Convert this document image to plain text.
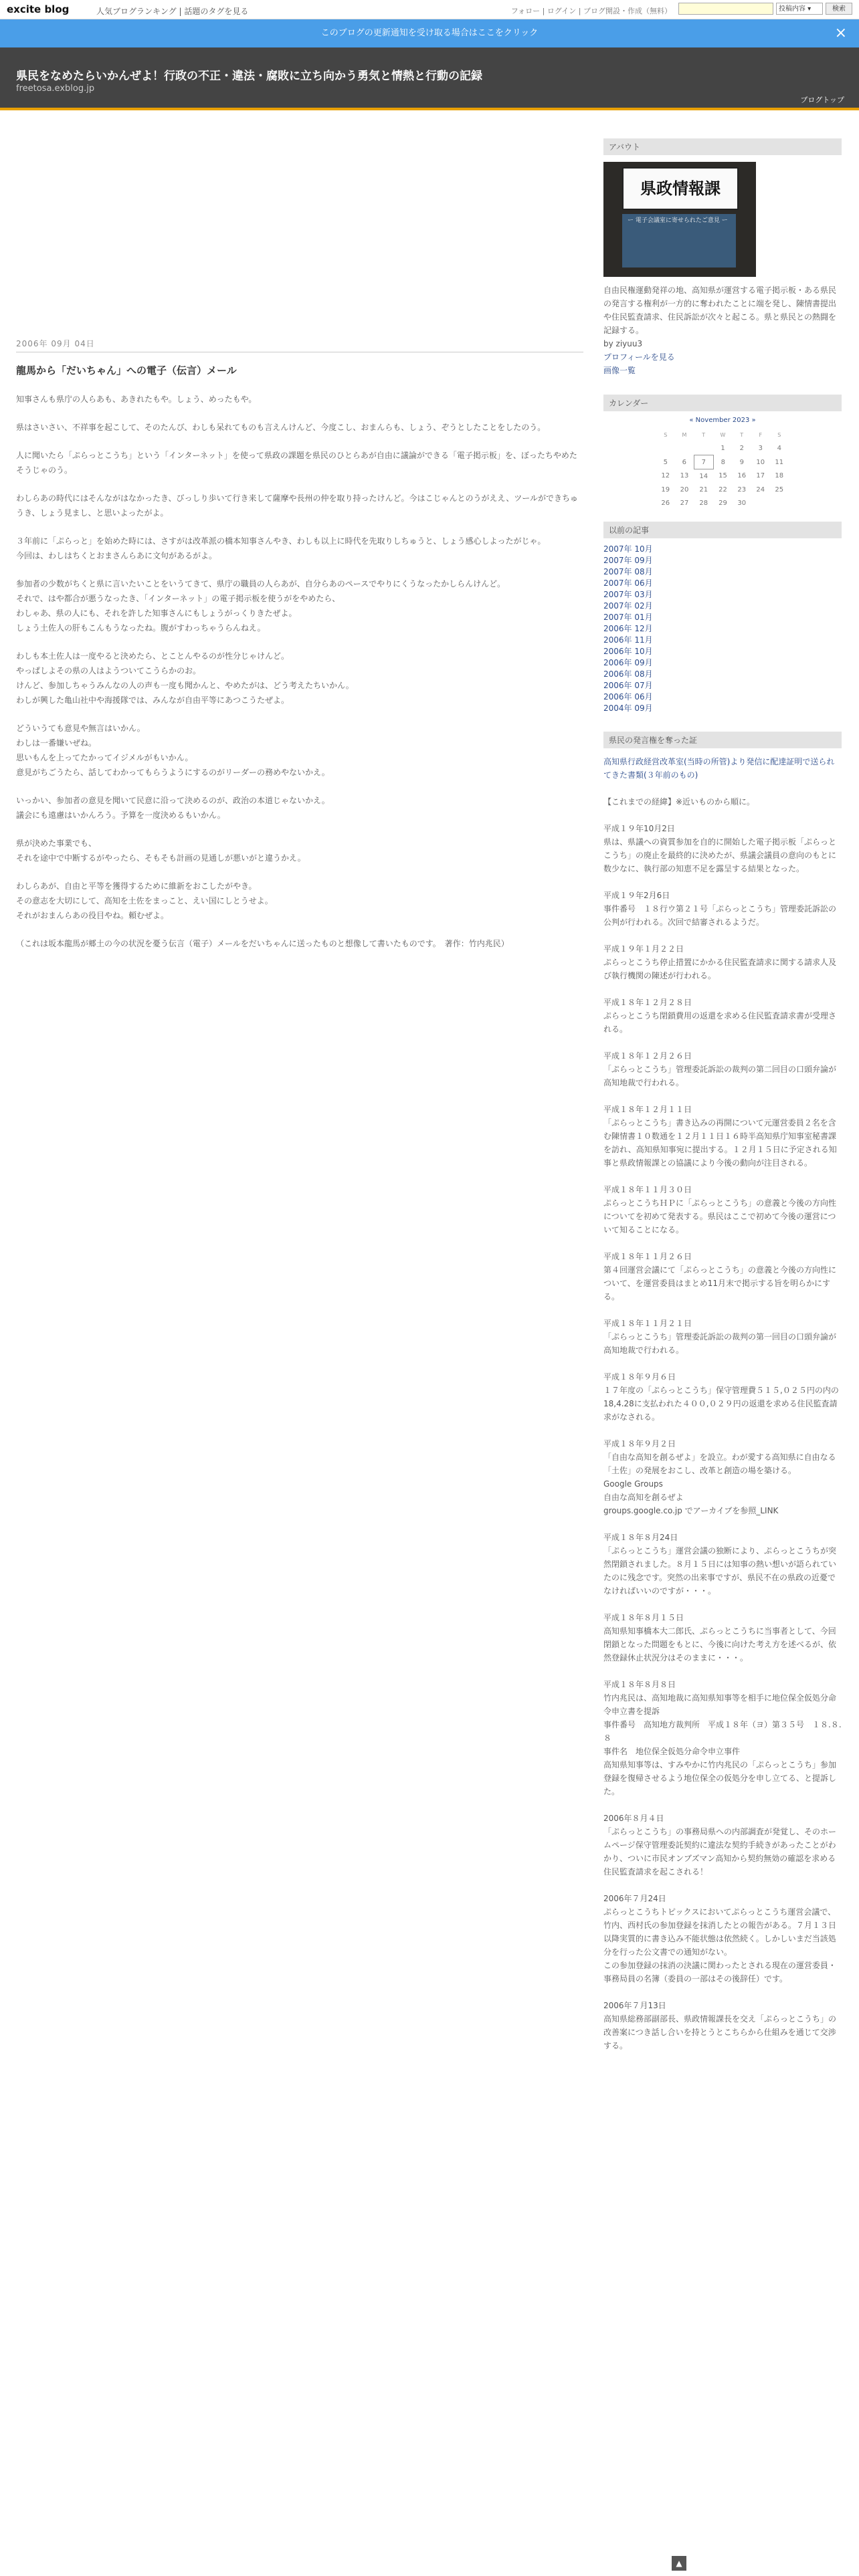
excite blog	人気ブログランキング | 話題のタグを見る	フォロー | ログイン | ブログ開設・作成（無料）	投稿内容 ▾	検索
このブログの更新通知を受け取る場合はここをクリック	×
県民をなめたらいかんぜよ！行政の不正・違法・腐敗に立ち向かう勇気と情熱と行動の記録
freetosa.exblog.jp
ブログトップ
2006年 09月 04日
龍馬から「だいちゃん」への電子（伝言）メール

知事さんも県庁の人らあも、あきれたもや。しょう、めったもや。

県はさいさい、不祥事を起こして、そのたんび、わしも呆れてものも言えんけんど、今度こし、おまんらも、しょう、ぞうとしたことをしたのう。

人に聞いたら「ぷらっとこうち」という「インターネット」を使って県政の課題を県民のひとらあが自由に議論ができる「電子掲示板」を、ぼったちやめたそうじゃのう。

わしらあの時代にはそんながはなかったき、びっしり歩いて行き来して薩摩や長州の仲を取り持ったけんど。今はこじゃんとのうがええ、ツールができちゅうき、しょう見まし、と思いよったがよ。

３年前に「ぷらっと」を始めた時には、さすがは改革派の橋本知事さんやき、わしも以上に時代を先取りしちゅうと、しょう感心しよったがじゃ。
今回は、わしはちくとおまさんらあに文句があるがよ。

参加者の少数がちくと県に言いたいことをいうてきて、県庁の職員の人らあが、自分らあのペースでやりにくうなったかしらんけんど。
それで、はや都合が悪うなったき、「インターネット」の電子掲示板を使うがをやめたら、
わしゃあ、県の人にも、それを許した知事さんにもしょうがっくりきたぜよ。
しょう土佐人の肝もこんもうなったね。腹がすわっちゃうらんねえ。

わしも本土佐人は一度やると決めたら、とことんやるのが性分じゃけんど。
やっぱしよその県の人はようついてこうらかのお。
けんど、参加しちゃうみんなの人の声も一度も聞かんと、やめたがは、どう考えたちいかん。
わしが興した亀山社中や海援隊では、みんなが自由平等にあつこうたぜよ。

どういうても意見や無言はいかん。
わしは一番嫌いぜね。
思いもんを上ってたかってイジメルがもいかん。
意見がちごうたら、話してわかってもらうようにするのがリーダーの務めやないかえ。

いっかい、参加者の意見を聞いて民意に沿って決めるのが、政治の本道じゃないかえ。
議会にも遠慮はいかんろう。予算を一度決めるもいかん。

県が決めた事業でも、
それを途中で中断するがやったら、そもそも計画の見通しが悪いがと違うかえ。

わしらあが、自由と平等を獲得するために維新をおこしたがやき。
その意志を大切にして、高知を土佐をまっこと、えい国にしとうせよ。
それがおまんらあの役目やね。頼むぜよ。

（これは坂本龍馬が郷土の今の状況を憂う伝言（電子）メールをだいちゃんに送ったものと想像して書いたものです。　著作：竹内兆民）

アバウト
県政情報課
ー 電子会議室に寄せられたご意見 ー
自由民権運動発祥の地、高知県が運営する電子掲示板・ある県民の発言する権利が一方的に奪われたことに端を発し、陳情書提出や住民監査請求、住民訴訟が次々と起こる。県と県民との熱闘を記録する。
by ziyuu3
プロフィールを見る
画像一覧
カレンダー
« November 2023 »
S	M	T	W	T	F	S
			1	2	3	4
5	6	7	8	9	10	11
12	13	14	15	16	17	18
19	20	21	22	23	24	25
26	27	28	29	30		
以前の記事
2007年 10月
2007年 09月
2007年 08月
2007年 06月
2007年 03月
2007年 02月
2007年 01月
2006年 12月
2006年 11月
2006年 10月
2006年 09月
2006年 08月
2006年 07月
2006年 06月
2004年 09月
県民の発言権を奪った証

高知県行政経営改革室(当時の所管)より発信に配達証明で送られてきた書類(３年前のもの)

【これまでの経緯】※近いものから順に。

平成１９年10月2日
県は、県議への資質参加を自的に開始した電子掲示板「ぷらっとこうち」の廃止を最終的に決めたが、県議会議員の意向のもとに数少なに、執行部の知恵不足を露呈する結果となった。

平成１９年2月6日
事件番号　１８行ウ第２１号「ぷらっとこうち」管理委託訴訟の公判が行われる。次回で結審されるようだ。

平成１９年１月２２日
ぷらっとこうち停止措置にかかる住民監査請求に関する請求人及び執行機関の陳述が行われる。

平成１８年１２月２８日
ぷらっとこうち閉鎖費用の返還を求める住民監査請求書が受理される。

平成１８年１２月２６日
「ぷらっとこうち」管理委託訴訟の裁判の第二回目の口頭弁論が高知地裁で行われる。

平成１８年１２月１１日
「ぷらっとこうち」書き込みの再開について元運営委員２名を含む陳情書１０数通を１２月１１日１６時半高知県庁知事室秘書課を訪れ、高知県知事宛に提出する。１２月１５日に予定される知事と県政情報課との協議により今後の動向が注目される。

平成１８年１１月３０日
ぷらっとこうちＨＰに「ぷらっとこうち」の意義と今後の方向性についてを初めて発表する。県民はここで初めて今後の運営について知ることになる。

平成１８年１１月２６日
第４回運営会議にて「ぷらっとこうち」の意義と今後の方向性について、を運営委員はまとめ11月末で掲示する旨を明らかにする。

平成１８年１１月２１日
「ぷらっとこうち」管理委託訴訟の裁判の第一回目の口頭弁論が高知地裁で行われる。

平成１８年９月６日
１７年度の「ぷらっとこうち」保守管理費５１５,０２５円の内の18,4.28に支払われた４００,０２９円の返還を求める住民監査請求がなされる。

平成１８年９月２日
「自由な高知を創るぜよ」を設立。わが愛する高知県に自由なる「土佐」の発展をおこし、改革と創造の場を築ける。
Google Groups
自由な高知を創るぜよ
groups.google.co.jp でアーカイブを参照_LINK

平成１８年８月24日
「ぷらっとこうち」運営会議の独断により、ぷらっとこうちが突然閉鎖されました。８月１５日には知事の熱い想いが語られていたのに残念です。突然の出来事ですが、県民不在の県政の近憂でなければいいのですが・・・。

平成１８年８月１５日
高知県知事橋本大二郎氏、ぷらっとこうちに当事者として、今回閉鎖となった問題をもとに、今後に向けた考え方を述べるが、依然登録休止状況分はそのままに・・・。

平成１８年８月８日
竹内兆民は、高知地裁に高知県知事等を相手に地位保全仮処分命令申立書を提訴
事件番号　高知地方裁判所　平成１８年（ヨ）第３５号　１８.８.８
事件名　地位保全仮処分命令申立事件
高知県知事等は、すみやかに竹内兆民の「ぷらっとこうち」参加登録を復帰させるよう地位保全の仮処分を申し立てる、と提訴した。

2006年８月４日
「ぷらっとこうち」の事務局県への内部調査が発覚し、そのホームページ保守管理委託契約に違法な契約手続きがあったことがわかり、ついに市民オンブズマン高知から契約無効の確認を求める住民監査請求を起こされる！

2006年７月24日
ぷらっとこうちトピックスにおいてぷらっとこうち運営会議で、竹内、西村氏の参加登録を抹消したとの報告がある。７月１３日以降実質的に書き込み不能状態は依然続く。しかしいまだ当該処分を行った公文書での通知がない。
この参加登録の抹消の決議に関わったとされる現在の運営委員・事務局員の名簿（委員の一部はその後辞任）です。

2006年７月13日
高知県総務部副部長、県政情報課長を交え「ぷらっとこうち」の改善案につき話し合いを持とうとこちらから仕組みを通じて交渉する。

▲
